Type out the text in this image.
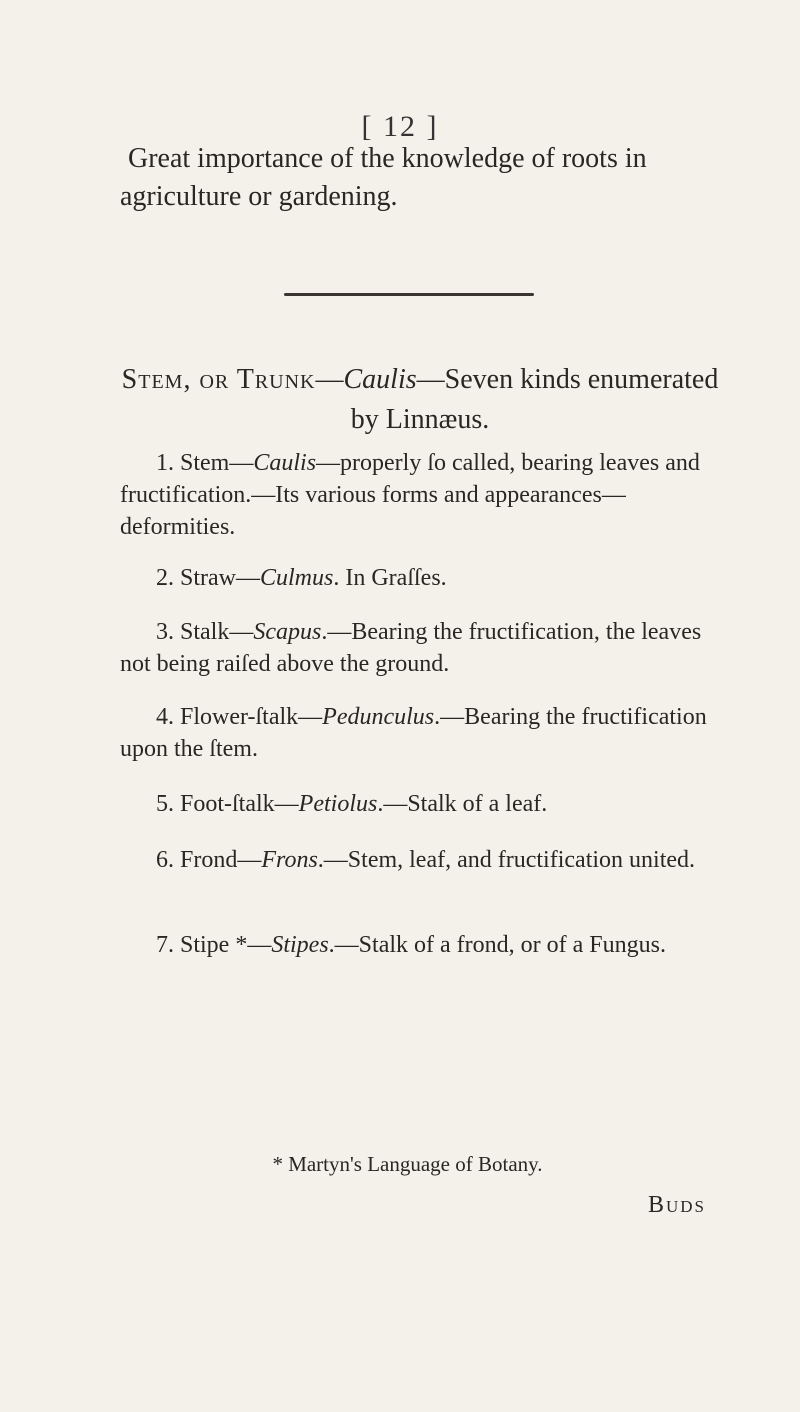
[ 12 ]
Great importance of the knowledge of roots in agriculture or gardening.
Stem, or Trunk—Caulis—Seven kinds enumerated by Linnæus.
1. Stem—Caulis—properly ſo called, bearing leaves and fructification.—Its various forms and appearances—deformities.
2. Straw—Culmus. In Graſſes.
3. Stalk—Scapus.—Bearing the fructification, the leaves not being raiſed above the ground.
4. Flower-ſtalk—Pedunculus.—Bearing the fructification upon the ſtem.
5. Foot-ſtalk—Petiolus.—Stalk of a leaf.
6. Frond—Frons.—Stem, leaf, and fructification united.
7. Stipe *—Stipes.—Stalk of a frond, or of a Fungus.
* Martyn's Language of Botany.
Buds
